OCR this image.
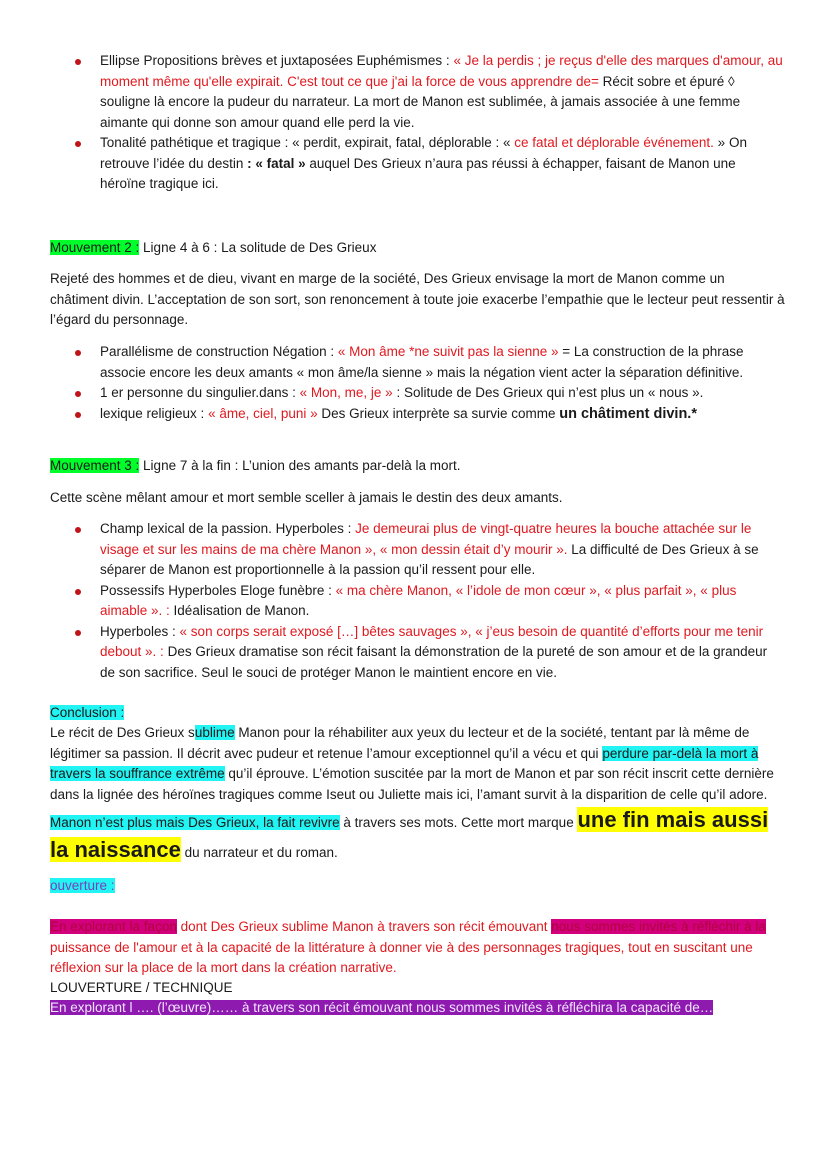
Ellipse Propositions brèves et juxtaposées Euphémismes : « Je la perdis ; je reçus d'elle des marques d'amour, au moment même qu'elle expirait. C'est tout ce que j'ai la force de vous apprendre de= Récit sobre et épuré ◊ souligne là encore la pudeur du narrateur. La mort de Manon est sublimée, à jamais associée à une femme aimante qui donne son amour quand elle perd la vie.
Tonalité pathétique et tragique : « perdit, expirait, fatal, déplorable : « ce fatal et déplorable événement. » On retrouve l’idée du destin : « fatal » auquel Des Grieux n’aura pas réussi à échapper, faisant de Manon une héroïne tragique ici.
Mouvement 2 : Ligne 4 à 6 : La solitude de Des Grieux

Rejeté des hommes et de dieu, vivant en marge de la société, Des Grieux envisage la mort de Manon comme un châtiment divin. L’acceptation de son sort, son renoncement à toute joie exacerbe l’empathie que le lecteur peut ressentir à l’égard du personnage.

Parallélisme de construction Négation : « Mon âme *ne suivit pas la sienne » = La construction de la phrase associe encore les deux amants « mon âme/la sienne » mais la négation vient acter la séparation définitive.
1 er personne du singulier.dans : « Mon, me, je » : Solitude de Des Grieux qui n’est plus un « nous ».
lexique religieux : « âme, ciel, puni » Des Grieux interprète sa survie comme un châtiment divin.*
Mouvement 3 : Ligne 7 à la fin : L’union des amants par-delà la mort.

Cette scène mêlant amour et mort semble sceller à jamais le destin des deux amants.

Champ lexical de la passion. Hyperboles : Je demeurai plus de vingt-quatre heures la bouche attachée sur le visage et sur les mains de ma chère Manon », « mon dessin était d’y mourir ». La difficulté de Des Grieux à se séparer de Manon est proportionnelle à la passion qu’il ressent pour elle.
Possessifs Hyperboles Eloge funèbre : « ma chère Manon, « l’idole de mon cœur », « plus parfait », « plus aimable ». : Idéalisation de Manon.
Hyperboles : « son corps serait exposé […] bêtes sauvages », « j’eus besoin de quantité d’efforts pour me tenir debout ». : Des Grieux dramatise son récit faisant la démonstration de la pureté de son amour et de la grandeur de son sacrifice. Seul le souci de protéger Manon le maintient encore en vie.
Conclusion :

Le récit de Des Grieux sublime Manon pour la réhabiliter aux yeux du lecteur et de la société, tentant par là même de légitimer sa passion. Il décrit avec pudeur et retenue l’amour exceptionnel qu’il a vécu et qui perdure par-delà la mort à travers la souffrance extrême qu’il éprouve. L’émotion suscitée par la mort de Manon et par son récit inscrit cette dernière dans la lignée des héroïnes tragiques comme Iseut ou Juliette mais ici, l’amant survit à la disparition de celle qu’il adore. Manon n’est plus mais Des Grieux, la fait revivre à travers ses mots. Cette mort marque une fin mais aussi la naissance du narrateur et du roman.

ouverture :

En explorant la façon dont Des Grieux sublime Manon à travers son récit émouvant nous sommes invités à réfléchir à la puissance de l'amour et à la capacité de la littérature à donner vie à des personnages tragiques, tout en suscitant une réflexion sur la place de la mort dans la création narrative.

LOUVERTURE / TECHNIQUE
En explorant l …. (l’œuvre)…… à travers son récit émouvant nous sommes invités à réfléchira la capacité de…
